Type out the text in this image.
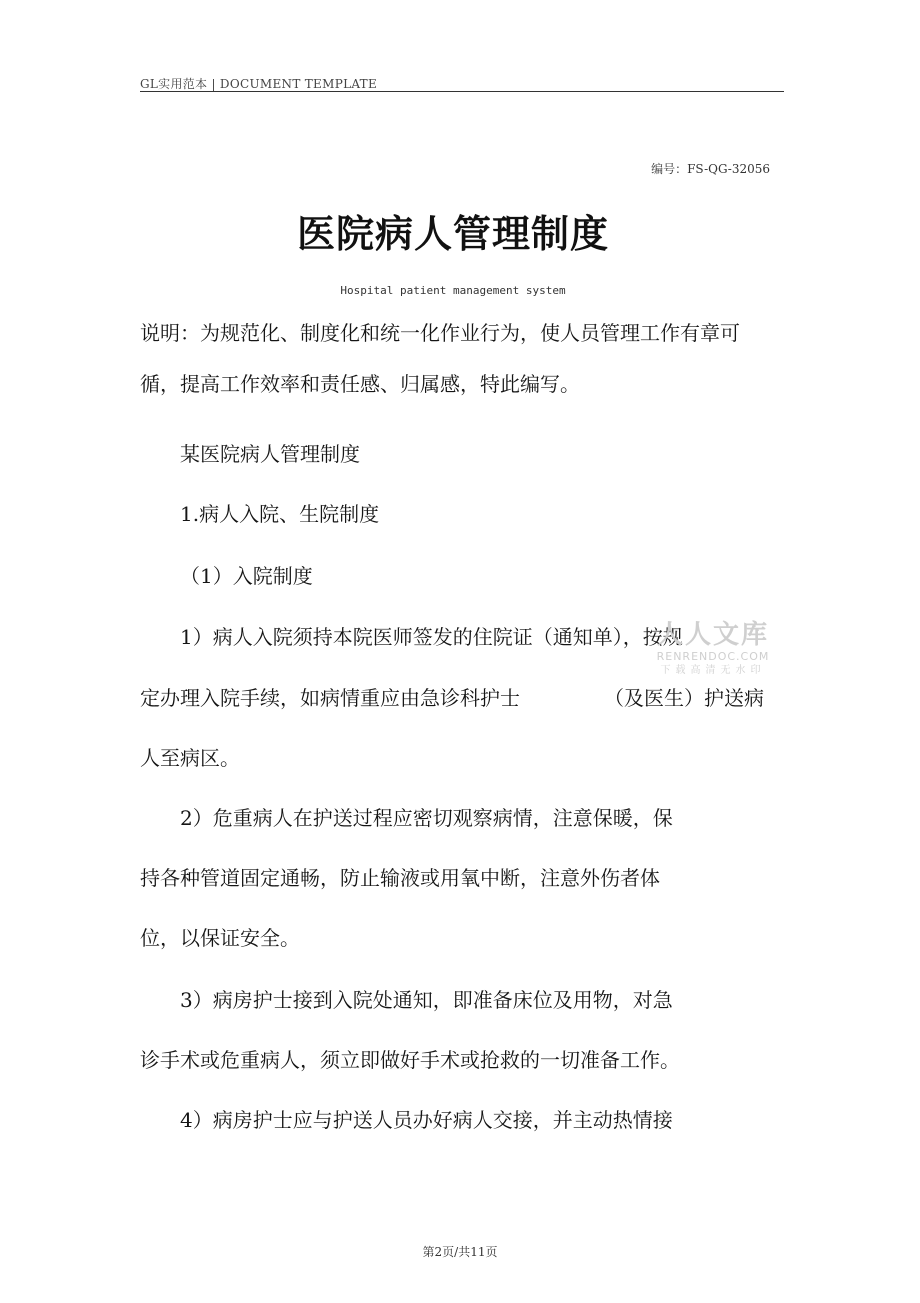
GL实用范本 | DOCUMENT TEMPLATE
编号：FS-QG-32056
医院病人管理制度
Hospital patient management system
说明：为规范化、制度化和统一化作业行为，使人员管理工作有章可
循，提高工作效率和责任感、归属感，特此编写。
某医院病人管理制度
1.病人入院、生院制度
（1）入院制度
1）病人入院须持本院医师签发的住院证（通知单），按规
定办理入院手续，如病情重应由急诊科护士	（及医生）护送病
人至病区。
2）危重病人在护送过程应密切观察病情，注意保暖，保
持各种管道固定通畅，防止输液或用氧中断，注意外伤者体
位，以保证安全。
3）病房护士接到入院处通知，即准备床位及用物，对急
诊手术或危重病人，须立即做好手术或抢救的一切准备工作。
4）病房护士应与护送人员办好病人交接，并主动热情接
人人文库
RENRENDOC.COM
下载高清无水印
第2页/共11页
